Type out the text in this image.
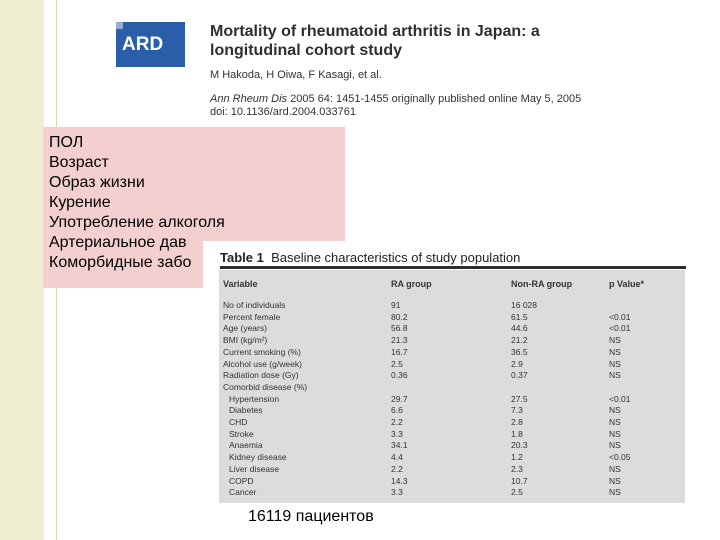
ARD
Mortality of rheumatoid arthritis in Japan: a longitudinal cohort study
M Hakoda, H Oiwa, F Kasagi, et al.
Ann Rheum Dis 2005 64: 1451-1455 originally published online May 5, 2005
doi: 10.1136/ard.2004.033761
ПОЛ
Возраст
Образ жизни
Курение
Употребление алкоголя
Артериальное дав
Коморбидные забо	Table 1 Baseline characteristics of study population
Variable	RA group	Non-RA group	p Value*
No of individuals	91	16 028
Percent female	80.2	61.5	<0.01
Age (years)	56.8	44.6	<0.01
BMI (kg/m²)	21.3	21.2	NS
Current smoking (%)	16.7	36.5	NS
Alcohol use (g/week)	2.5	2.9	NS
Radiation dose (Gy)	0.36	0.37	NS
Comorbid disease (%)
Hypertension	29.7	27.5	<0.01
Diabetes	6.6	7.3	NS
CHD	2.2	2.8	NS
Stroke	3.3	1.8	NS
Anaemia	34.1	20.3	NS
Kidney disease	4.4	1.2	<0.05
Liver disease	2.2	2.3	NS
COPD	14.3	10.7	NS
Cancer	3.3	2.5	NS
16119 пациентов
